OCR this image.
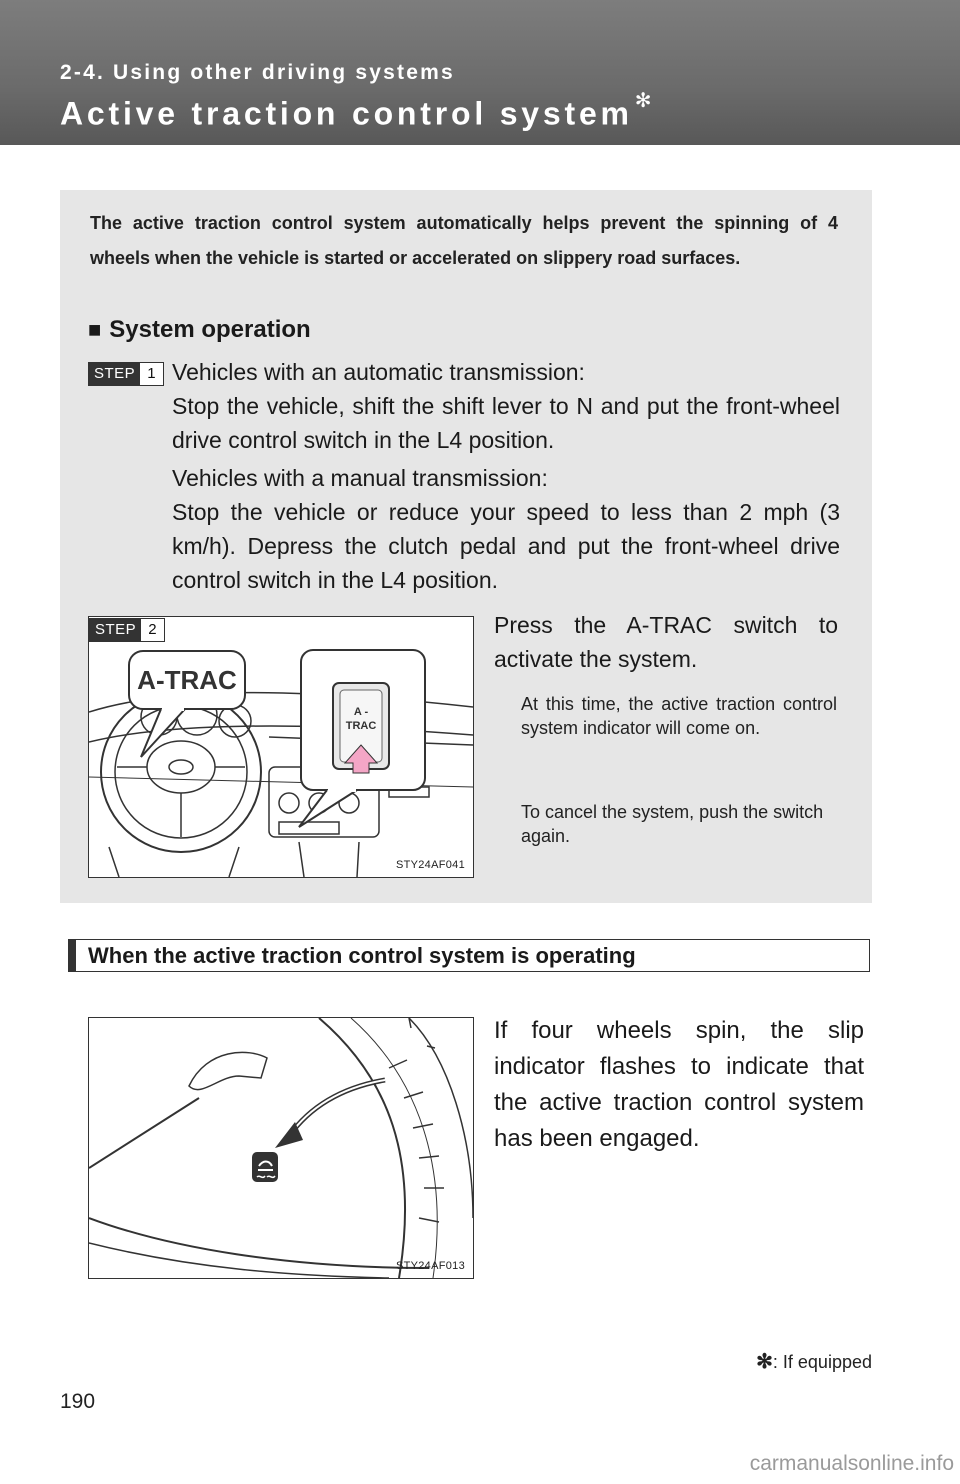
2-4. Using other driving systems
Active traction control system ✻
The active traction control system automatically helps prevent the spinning of 4 wheels when the vehicle is started or accelerated on slippery road surfaces.
■ System operation
STEP 1 Vehicles with an automatic transmission:
Stop the vehicle, shift the shift lever to N and put the front-wheel drive control switch in the L4 position.
Vehicles with a manual transmission:
Stop the vehicle or reduce your speed to less than 2 mph (3 km/h). Depress the clutch pedal and put the front-wheel drive control switch in the L4 position.
A-TRAC
A -
TRAC
STY24AF041
STEP 2	Press the A-TRAC switch to activate the system.
At this time, the active traction control system indicator will come on.
To cancel the system, push the switch again.
When the active traction control system is operating
STY24AF013
If four wheels spin, the slip indicator flashes to indicate that the active traction control system has been engaged.
✻: If equipped
190
carmanualsonline.info
